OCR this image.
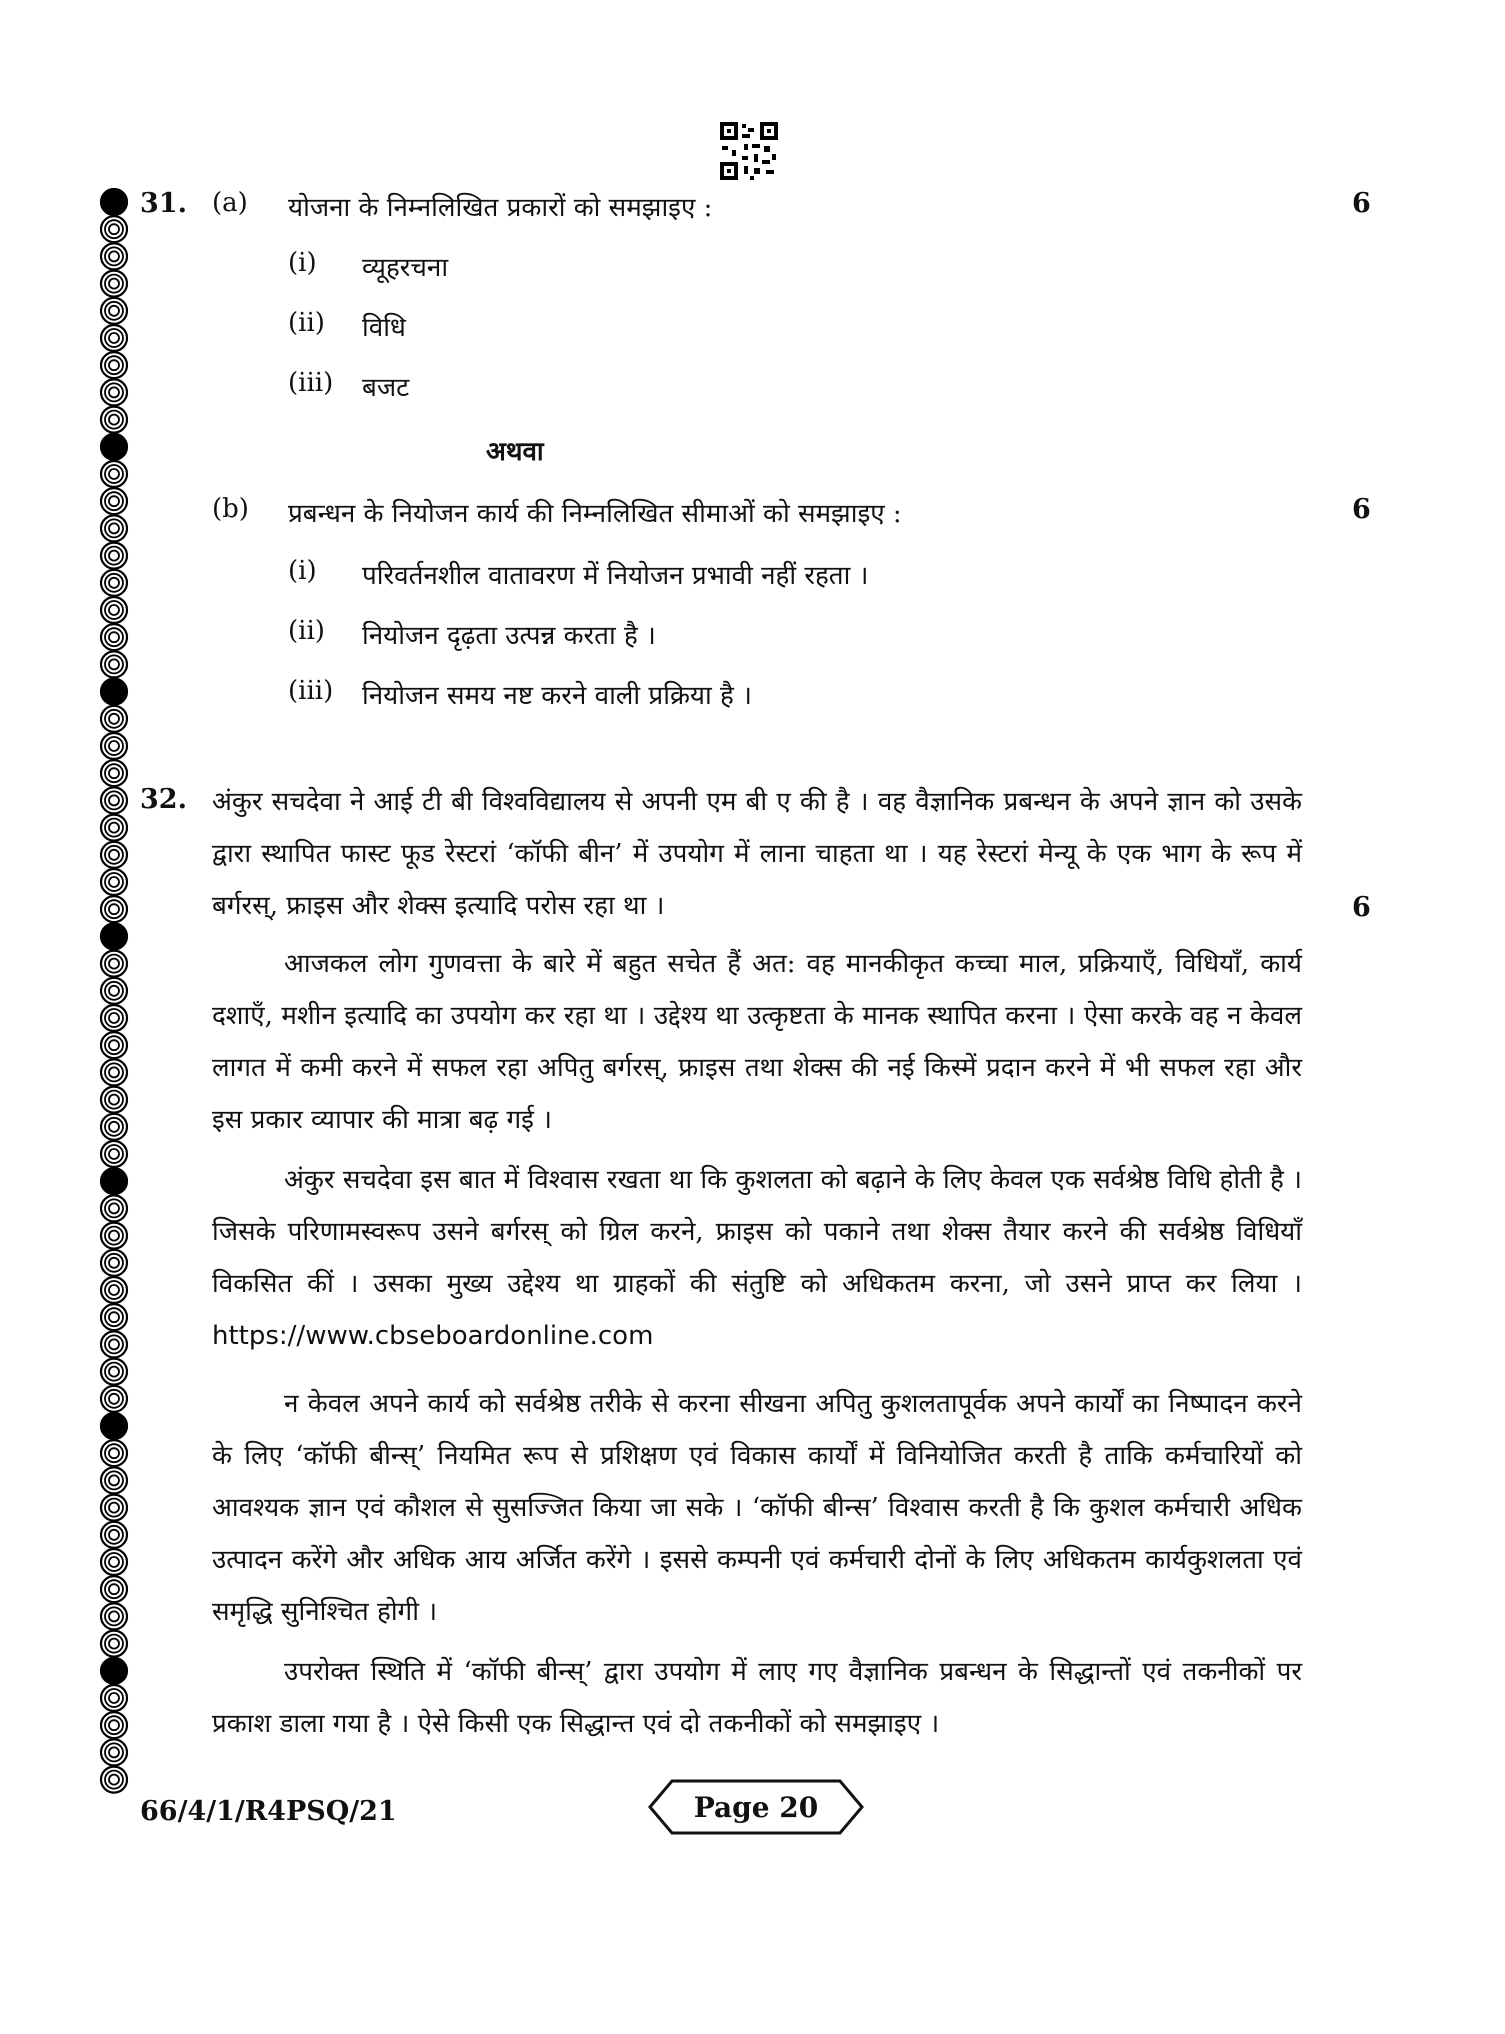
31. (a) योजना के निम्नलिखित प्रकारों को समझाइए :	6
(i) व्यूहरचना
(ii) विधि
(iii) बजट
अथवा
(b) प्रबन्धन के नियोजन कार्य की निम्नलिखित सीमाओं को समझाइए :	6
(i) परिवर्तनशील वातावरण में नियोजन प्रभावी नहीं रहता ।
(ii) नियोजन दृढ़ता उत्पन्न करता है ।
(iii) नियोजन समय नष्ट करने वाली प्रक्रिया है ।
32. अंकुर सचदेवा ने आई टी बी विश्वविद्यालय से अपनी एम बी ए की है । वह वैज्ञानिक प्रबन्धन के अपने ज्ञान को उसके द्वारा स्थापित फास्ट फूड रेस्टरां ‘कॉफी बीन’ में उपयोग में लाना चाहता था । यह रेस्टरां मेन्यू के एक भाग के रूप में बर्गरस्, फ्राइस और शेक्स इत्यादि परोस रहा था ।	6

आजकल लोग गुणवत्ता के बारे में बहुत सचेत हैं अत: वह मानकीकृत कच्चा माल, प्रक्रियाएँ, विधियाँ, कार्य दशाएँ, मशीन इत्यादि का उपयोग कर रहा था । उद्देश्य था उत्कृष्टता के मानक स्थापित करना । ऐसा करके वह न केवल लागत में कमी करने में सफल रहा अपितु बर्गरस्, फ्राइस तथा शेक्स की नई किस्में प्रदान करने में भी सफल रहा और इस प्रकार व्यापार की मात्रा बढ़ गई ।

अंकुर सचदेवा इस बात में विश्वास रखता था कि कुशलता को बढ़ाने के लिए केवल एक सर्वश्रेष्ठ विधि होती है । जिसके परिणामस्वरूप उसने बर्गरस् को ग्रिल करने, फ्राइस को पकाने तथा शेक्स तैयार करने की सर्वश्रेष्ठ विधियाँ विकसित कीं । उसका मुख्य उद्देश्य था ग्राहकों की संतुष्टि को अधिकतम करना, जो उसने प्राप्त कर लिया । https://www.cbseboardonline.com

न केवल अपने कार्य को सर्वश्रेष्ठ तरीके से करना सीखना अपितु कुशलतापूर्वक अपने कार्यों का निष्पादन करने के लिए ‘कॉफी बीन्स्’ नियमित रूप से प्रशिक्षण एवं विकास कार्यों में विनियोजित करती है ताकि कर्मचारियों को आवश्यक ज्ञान एवं कौशल से सुसज्जित किया जा सके । ‘कॉफी बीन्स’ विश्वास करती है कि कुशल कर्मचारी अधिक उत्पादन करेंगे और अधिक आय अर्जित करेंगे । इससे कम्पनी एवं कर्मचारी दोनों के लिए अधिकतम कार्यकुशलता एवं समृद्धि सुनिश्चित होगी ।

उपरोक्त स्थिति में ‘कॉफी बीन्स्’ द्वारा उपयोग में लाए गए वैज्ञानिक प्रबन्धन के सिद्धान्तों एवं तकनीकों पर प्रकाश डाला गया है । ऐसे किसी एक सिद्धान्त एवं दो तकनीकों को समझाइए ।

66/4/1/R4PSQ/21	Page 20
